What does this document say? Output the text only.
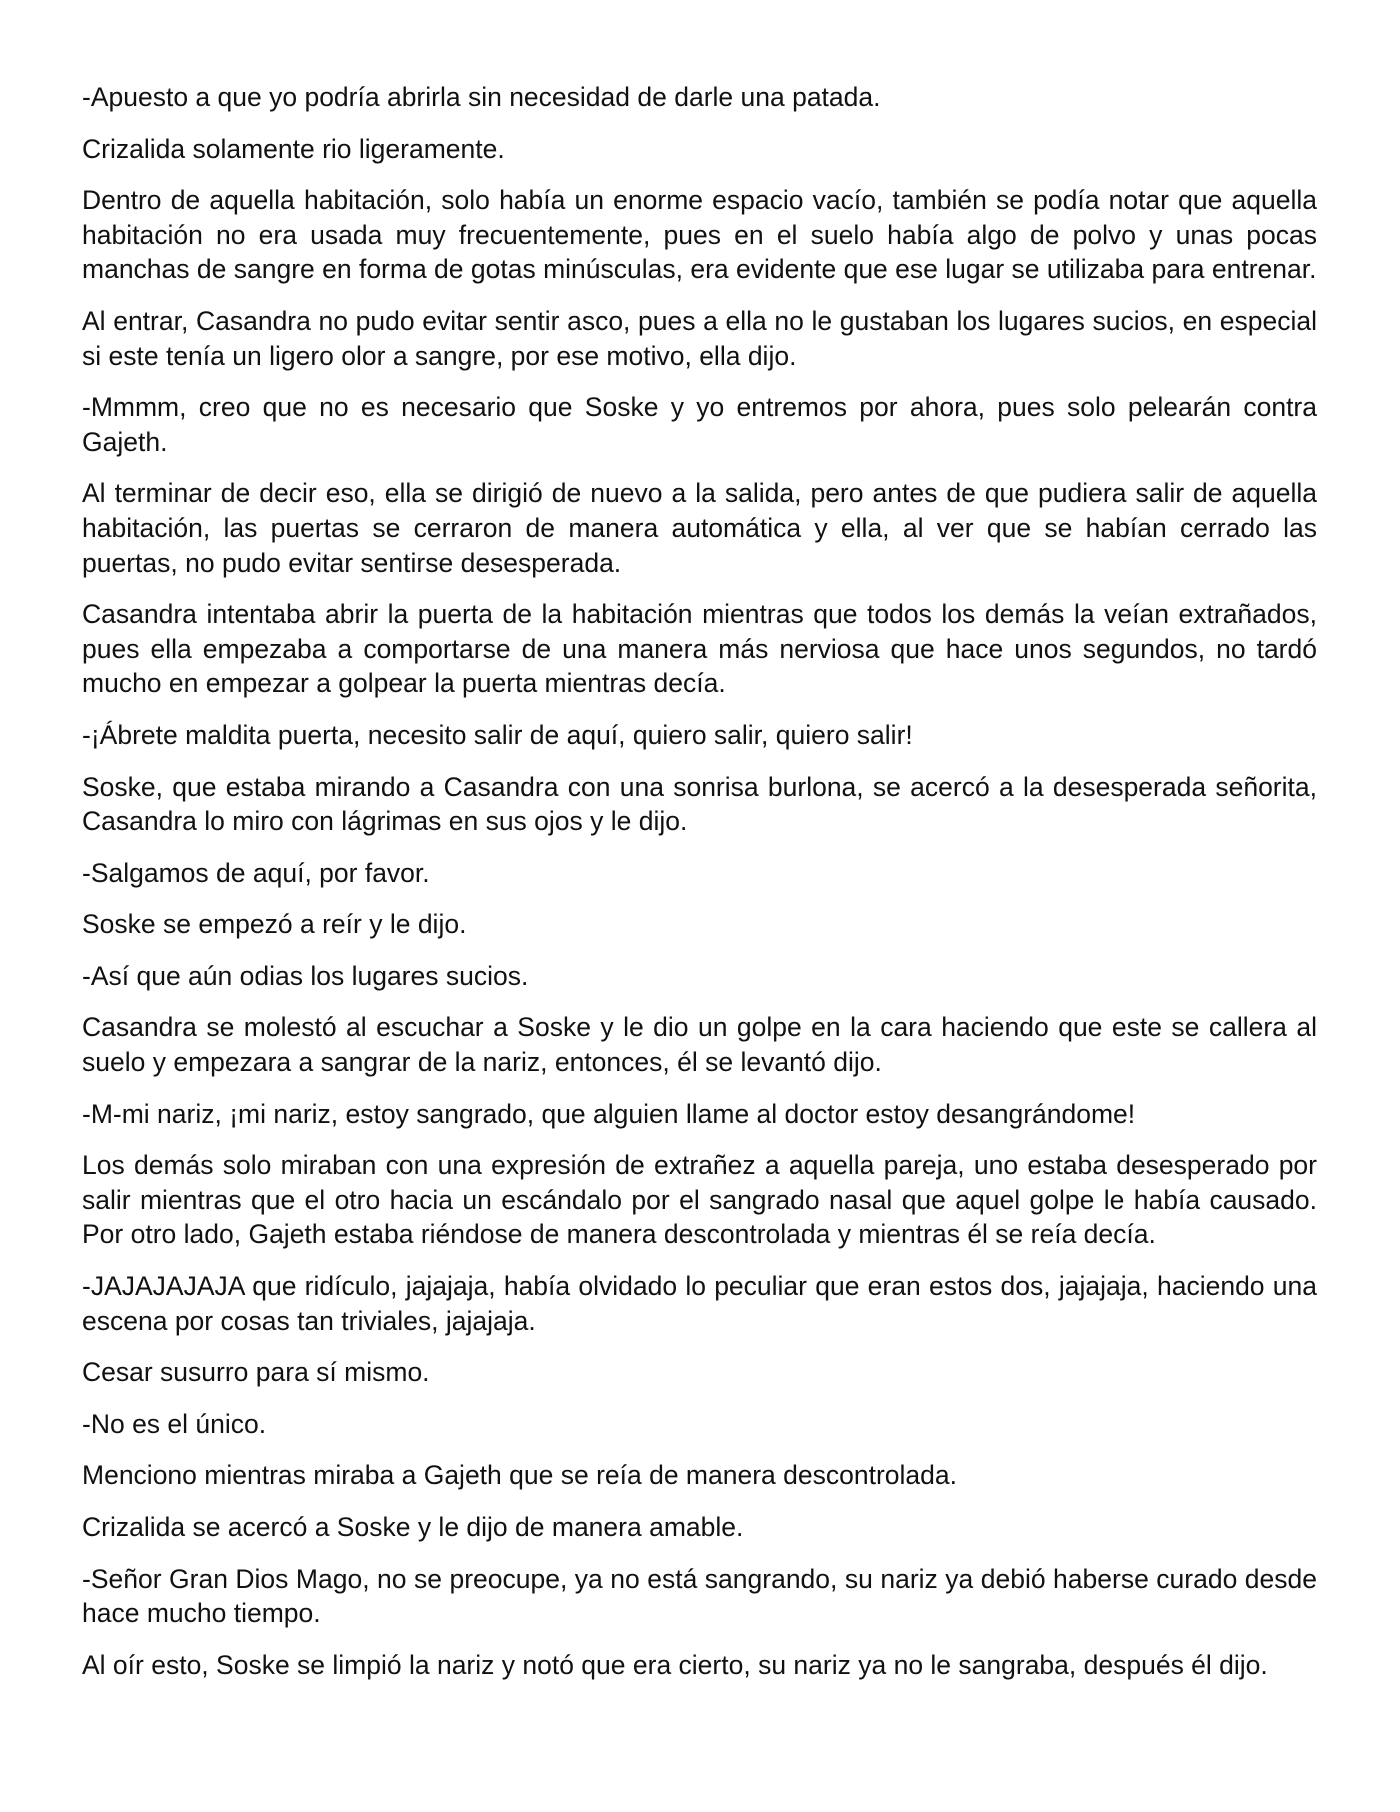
-Apuesto a que yo podría abrirla sin necesidad de darle una patada.

Crizalida solamente rio ligeramente.

Dentro de aquella habitación, solo había un enorme espacio vacío, también se podía notar que aquella habitación no era usada muy frecuentemente, pues en el suelo había algo de polvo y unas pocas manchas de sangre en forma de gotas minúsculas, era evidente que ese lugar se utilizaba para entrenar.

Al entrar, Casandra no pudo evitar sentir asco, pues a ella no le gustaban los lugares sucios, en especial si este tenía un ligero olor a sangre, por ese motivo, ella dijo.

-Mmmm, creo que no es necesario que Soske y yo entremos por ahora, pues solo pelearán contra Gajeth.

Al terminar de decir eso, ella se dirigió de nuevo a la salida, pero antes de que pudiera salir de aquella habitación, las puertas se cerraron de manera automática y ella, al ver que se habían cerrado las puertas, no pudo evitar sentirse desesperada.

Casandra intentaba abrir la puerta de la habitación mientras que todos los demás la veían extrañados, pues ella empezaba a comportarse de una manera más nerviosa que hace unos segundos, no tardó mucho en empezar a golpear la puerta mientras decía.

-¡Ábrete maldita puerta, necesito salir de aquí, quiero salir, quiero salir!

Soske, que estaba mirando a Casandra con una sonrisa burlona, se acercó a la desesperada señorita, Casandra lo miro con lágrimas en sus ojos y le dijo.

-Salgamos de aquí, por favor.

Soske se empezó a reír y le dijo.

-Así que aún odias los lugares sucios.

Casandra se molestó al escuchar a Soske y le dio un golpe en la cara haciendo que este se callera al suelo y empezara a sangrar de la nariz, entonces, él se levantó dijo.

-M-mi nariz, ¡mi nariz, estoy sangrado, que alguien llame al doctor estoy desangrándome!

Los demás solo miraban con una expresión de extrañez a aquella pareja, uno estaba desesperado por salir mientras que el otro hacia un escándalo por el sangrado nasal que aquel golpe le había causado. Por otro lado, Gajeth estaba riéndose de manera descontrolada y mientras él se reía decía.

-JAJAJAJAJA que ridículo, jajajaja, había olvidado lo peculiar que eran estos dos, jajajaja, haciendo una escena por cosas tan triviales, jajajaja.

Cesar susurro para sí mismo.

-No es el único.

Menciono mientras miraba a Gajeth que se reía de manera descontrolada.

Crizalida se acercó a Soske y le dijo de manera amable.

-Señor Gran Dios Mago, no se preocupe, ya no está sangrando, su nariz ya debió haberse curado desde hace mucho tiempo.

Al oír esto, Soske se limpió la nariz y notó que era cierto, su nariz ya no le sangraba, después él dijo.
